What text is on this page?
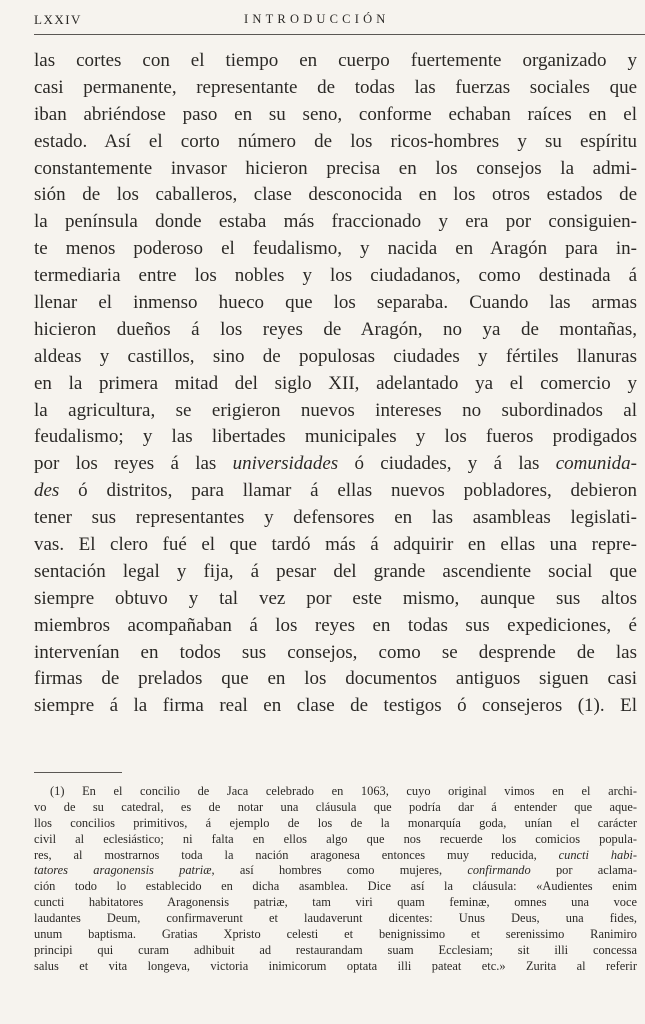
LXXIV	INTRODUCCIÓN
las cortes con el tiempo en cuerpo fuertemente organizado y
casi permanente, representante de todas las fuerzas sociales que
iban abriéndose paso en su seno, conforme echaban raíces en el
estado. Así el corto número de los ricos-hombres y su espíritu
constantemente invasor hicieron precisa en los consejos la admi-
sión de los caballeros, clase desconocida en los otros estados de
la península donde estaba más fraccionado y era por consiguien-
te menos poderoso el feudalismo, y nacida en Aragón para in-
termediaria entre los nobles y los ciudadanos, como destinada á
llenar el inmenso hueco que los separaba. Cuando las armas
hicieron dueños á los reyes de Aragón, no ya de montañas,
aldeas y castillos, sino de populosas ciudades y fértiles llanuras
en la primera mitad del siglo XII, adelantado ya el comercio y
la agricultura, se erigieron nuevos intereses no subordinados al
feudalismo; y las libertades municipales y los fueros prodigados
por los reyes á las universidades ó ciudades, y á las comunida-
des ó distritos, para llamar á ellas nuevos pobladores, debieron
tener sus representantes y defensores en las asambleas legislati-
vas. El clero fué el que tardó más á adquirir en ellas una repre-
sentación legal y fija, á pesar del grande ascendiente social que
siempre obtuvo y tal vez por este mismo, aunque sus altos
miembros acompañaban á los reyes en todas sus expediciones, é
intervenían en todos sus consejos, como se desprende de las
firmas de prelados que en los documentos antiguos siguen casi
siempre á la firma real en clase de testigos ó consejeros (1). El
(1) En el concilio de Jaca celebrado en 1063, cuyo original vimos en el archi-
vo de su catedral, es de notar una cláusula que podría dar á entender que aque-
llos concilios primitivos, á ejemplo de los de la monarquía goda, unían el carácter
civil al eclesiástico; ni falta en ellos algo que nos recuerde los comicios popula-
res, al mostrarnos toda la nación aragonesa entonces muy reducida, cuncti habi-
tatores aragonensis patriæ, así hombres como mujeres, confirmando por aclama-
ción todo lo establecido en dicha asamblea. Dice así la cláusula: «Audientes enim
cuncti habitatores Aragonensis patriæ, tam viri quam feminæ, omnes una voce
laudantes Deum, confirmaverunt et laudaverunt dicentes: Unus Deus, una fides,
unum baptisma. Gratias Xpristo celesti et benignissimo et serenissimo Ranimiro
principi qui curam adhibuit ad restaurandam suam Ecclesiam; sit illi concessa
salus et vita longeva, victoria inimicorum optata illi pateat etc.» Zurita al referir
